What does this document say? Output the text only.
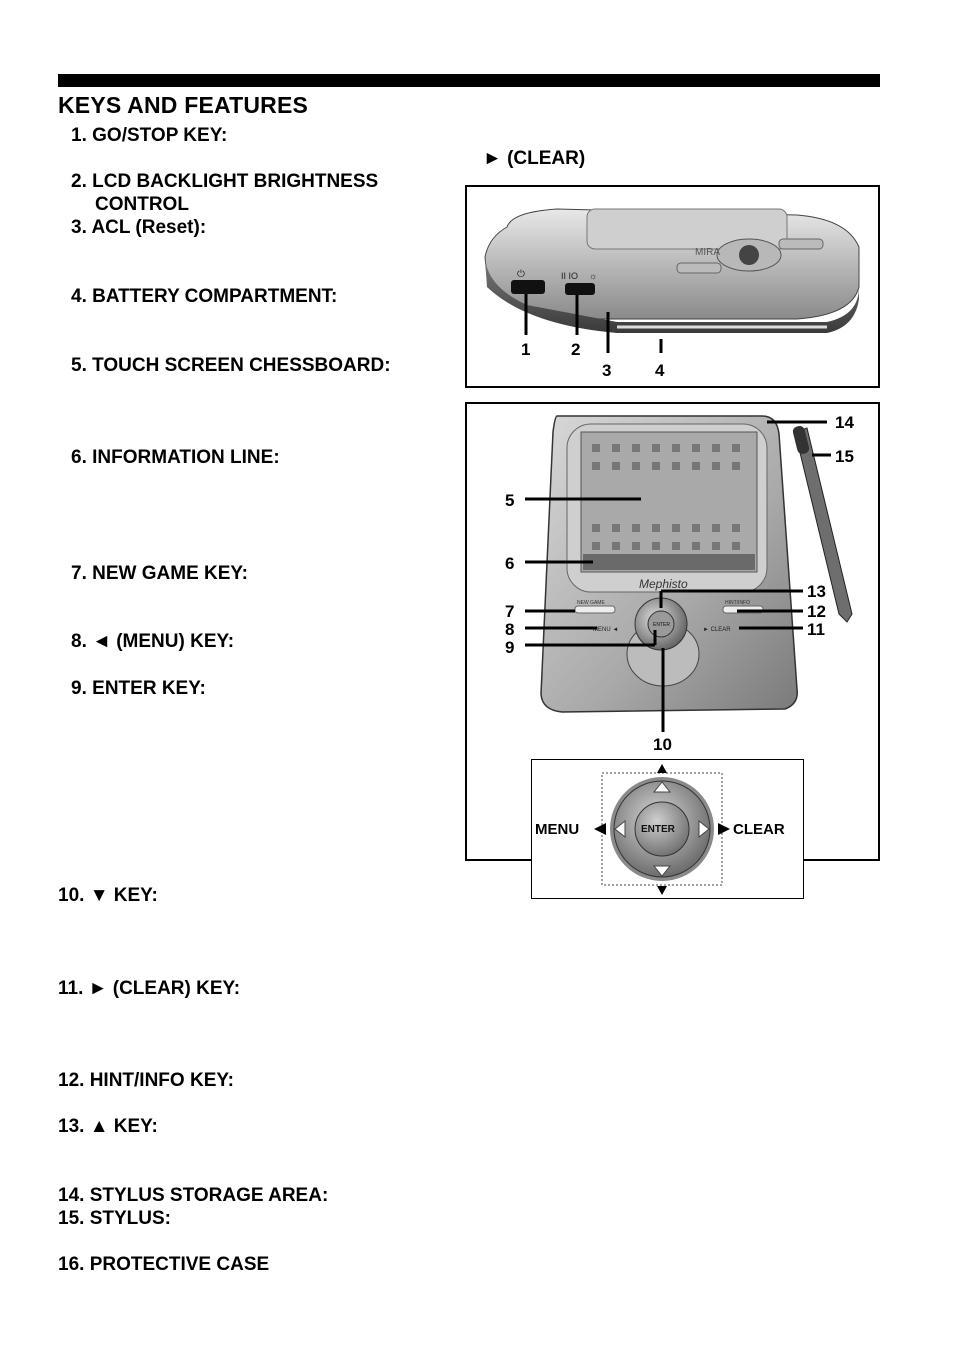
KEYS AND FEATURES
1. GO/STOP KEY:
2. LCD BACKLIGHT BRIGHTNESS
CONTROL
3. ACL (Reset):
4. BATTERY COMPARTMENT:
5. TOUCH SCREEN CHESSBOARD:
6. INFORMATION LINE:
7. NEW GAME KEY:
8. ◄ (MENU) KEY:
9. ENTER KEY:
10. ▼ KEY:
11. ► (CLEAR) KEY:
12. HINT/INFO KEY:
13. ▲ KEY:
14. STYLUS STORAGE AREA:
15. STYLUS:
16. PROTECTIVE CASE
► (CLEAR)
MIRA
⏻	II IO ☼
1 2
3	4
Mephisto
NEW GAME	HINT/INFO
MENU ◄	► CLEAR
ENTER
14
15
5
6
13
7	12
8	11
9
10
ENTER
MENU	CLEAR
